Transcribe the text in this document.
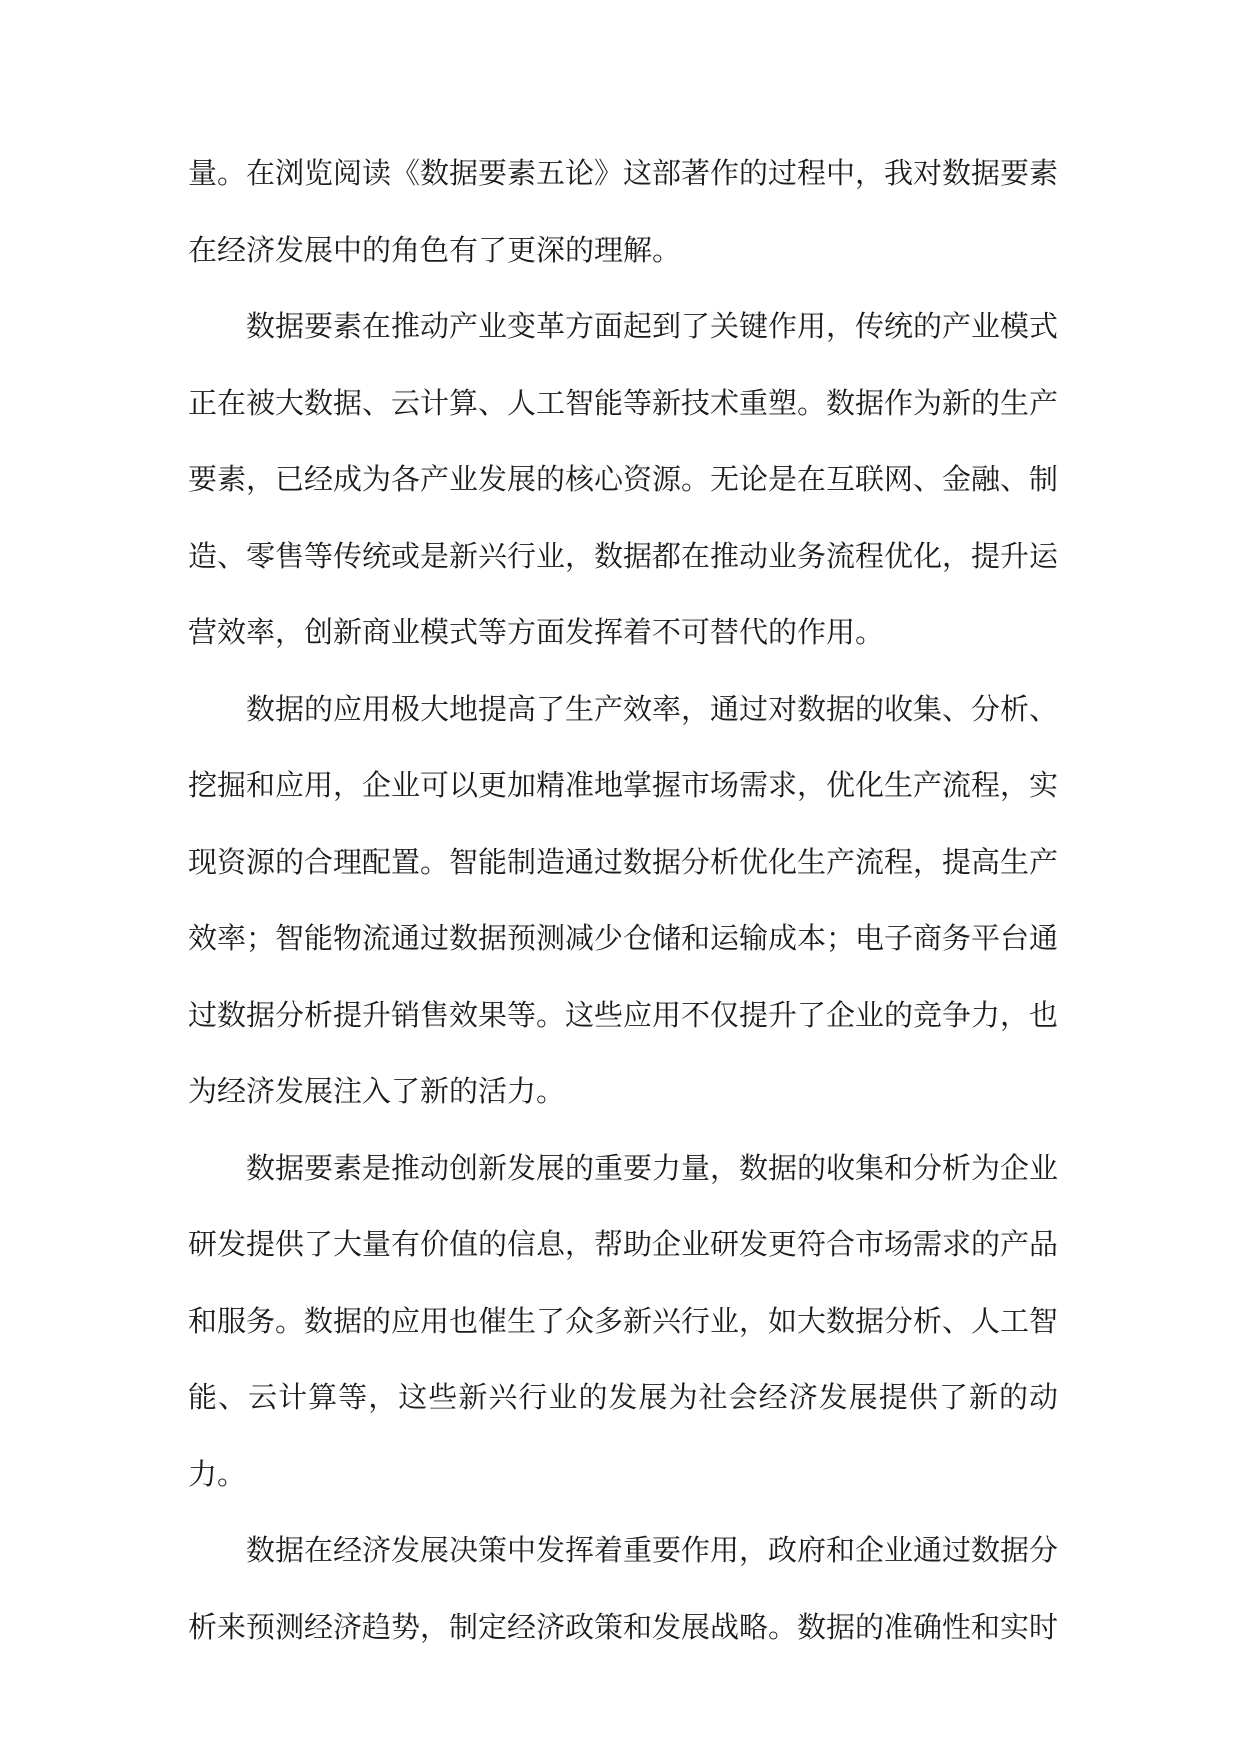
量。在浏览阅读《数据要素五论》这部著作的过程中，我对数据要素在经济发展中的角色有了更深的理解。

数据要素在推动产业变革方面起到了关键作用，传统的产业模式正在被大数据、云计算、人工智能等新技术重塑。数据作为新的生产要素，已经成为各产业发展的核心资源。无论是在互联网、金融、制造、零售等传统或是新兴行业，数据都在推动业务流程优化，提升运营效率，创新商业模式等方面发挥着不可替代的作用。

数据的应用极大地提高了生产效率，通过对数据的收集、分析、挖掘和应用，企业可以更加精准地掌握市场需求，优化生产流程，实现资源的合理配置。智能制造通过数据分析优化生产流程，提高生产效率；智能物流通过数据预测减少仓储和运输成本；电子商务平台通过数据分析提升销售效果等。这些应用不仅提升了企业的竞争力，也为经济发展注入了新的活力。

数据要素是推动创新发展的重要力量，数据的收集和分析为企业研发提供了大量有价值的信息，帮助企业研发更符合市场需求的产品和服务。数据的应用也催生了众多新兴行业，如大数据分析、人工智能、云计算等，这些新兴行业的发展为社会经济发展提供了新的动力。

数据在经济发展决策中发挥着重要作用，政府和企业通过数据分析来预测经济趋势，制定经济政策和发展战略。数据的准确性和实时
